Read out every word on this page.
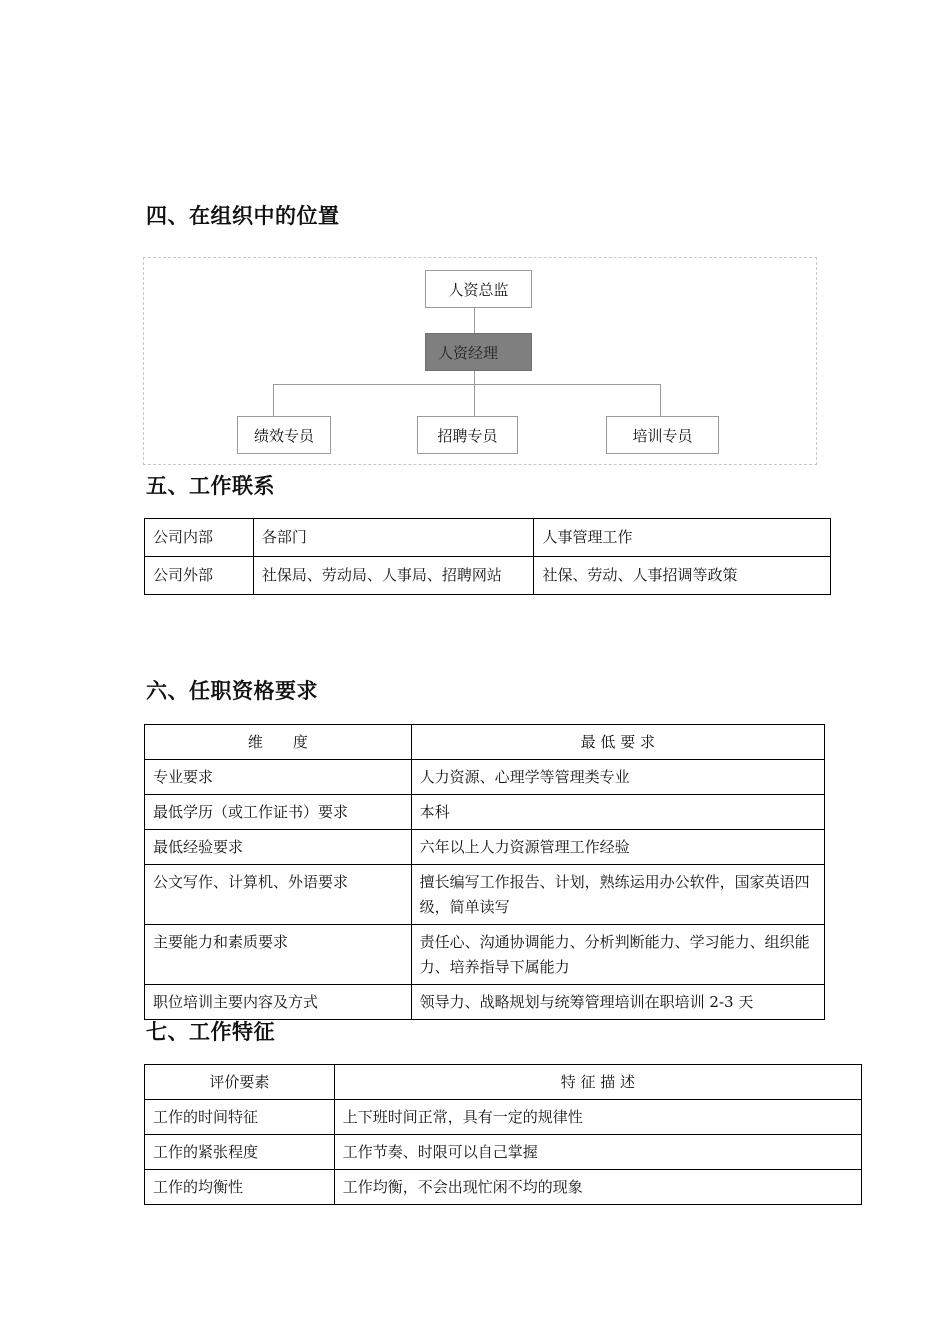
四、在组织中的位置
人资总监
人资经理
绩效专员	招聘专员	培训专员
五、工作联系
公司内部	各部门	人事管理工作
公司外部	社保局、劳动局、人事局、招聘网站	社保、劳动、人事招调等政策
六、任职资格要求
维　　度	最 低 要 求
专业要求	人力资源、心理学等管理类专业
最低学历（或工作证书）要求	本科
最低经验要求	六年以上人力资源管理工作经验
公文写作、计算机、外语要求	擅长编写工作报告、计划，熟练运用办公软件，国家英语四级，简单读写
主要能力和素质要求	责任心、沟通协调能力、分析判断能力、学习能力、组织能力、培养指导下属能力
职位培训主要内容及方式	领导力、战略规划与统筹管理培训在职培训 2-3 天
七、工作特征
评价要素	特 征 描 述
工作的时间特征	上下班时间正常，具有一定的规律性
工作的紧张程度	工作节奏、时限可以自己掌握
工作的均衡性	工作均衡，不会出现忙闲不均的现象
